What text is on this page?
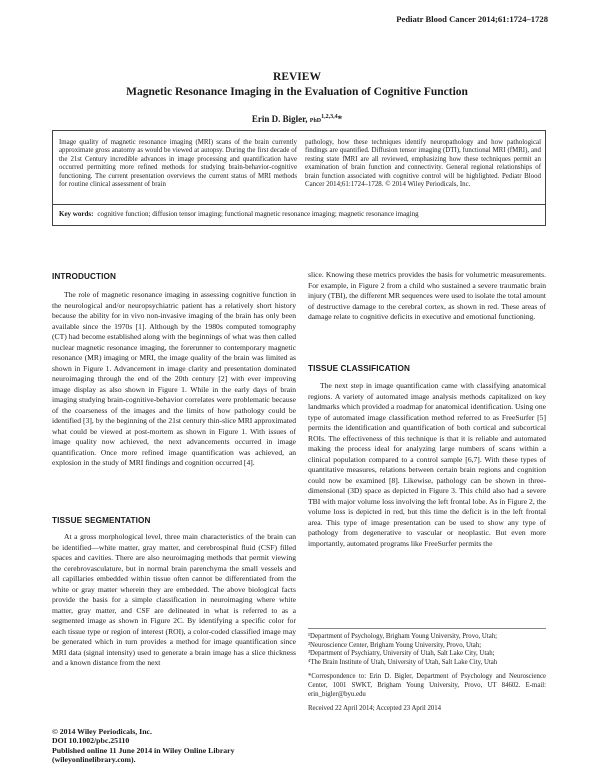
Pediatr Blood Cancer 2014;61:1724–1728
REVIEW
Magnetic Resonance Imaging in the Evaluation of Cognitive Function
Erin D. Bigler, PhD$^{1,2,3,4}$*
Image quality of magnetic resonance imaging (MRI) scans of the brain currently approximate gross anatomy as would be viewed at autopsy. During the first decade of the 21st Century incredible advances in image processing and quantification have occurred permitting more refined methods for studying brain-behavior-cognitive functioning. The current presentation overviews the current status of MRI methods for routine clinical assessment of brain
pathology, how these techniques identify neuropathology and how pathological findings are quantified. Diffusion tensor imaging (DTI), functional MRI (fMRI), and resting state fMRI are all reviewed, emphasizing how these techniques permit an examination of brain function and connectivity. General regional relationships of brain function associated with cognitive control will be highlighted. Pediatr Blood Cancer 2014;61:1724–1728. © 2014 Wiley Periodicals, Inc.
Key words: cognitive function; diffusion tensor imaging; functional magnetic resonance imaging; magnetic resonance imaging
INTRODUCTION

The role of magnetic resonance imaging in assessing cognitive function in the neurological and/or neuropsychiatric patient has a relatively short history because the ability for in vivo non-invasive imaging of the brain has only been available since the 1970s [1]. Although by the 1980s computed tomography (CT) had become established along with the beginnings of what was then called nuclear magnetic resonance imaging, the forerunner to contemporary magnetic resonance (MR) imaging or MRI, the image quality of the brain was limited as shown in Figure 1. Advancement in image clarity and presentation dominated neuroimaging through the end of the 20th century [2] with ever improving image display as also shown in Figure 1. While in the early days of brain imaging studying brain-cognitive-behavior correlates were problematic because of the coarseness of the images and the limits of how pathology could be identified [3], by the beginning of the 21st century thin-slice MRI approximated what could be viewed at post-mortem as shown in Figure 1. With issues of image quality now achieved, the next advancements occurred in image quantification. Once more refined image quantification was achieved, an explosion in the study of MRI findings and cognition occurred [4].

TISSUE SEGMENTATION

At a gross morphological level, three main characteristics of the brain can be identified—white matter, gray matter, and cerebrospinal fluid (CSF) filled spaces and cavities. There are also neuroimaging methods that permit viewing the cerebrovasculature, but in normal brain parenchyma the small vessels and all capillaries embedded within tissue often cannot be differentiated from the white or gray matter wherein they are embedded. The above biological facts provide the basis for a simple classification in neuroimaging where white matter, gray matter, and CSF are delineated in what is referred to as a segmented image as shown in Figure 2C. By identifying a specific color for each tissue type or region of interest (ROI), a color-coded classified image may be generated which in turn provides a method for image quantification since MRI data (signal intensity) used to generate a brain image has a slice thickness and a known distance from the next

slice. Knowing these metrics provides the basis for volumetric measurements. For example, in Figure 2 from a child who sustained a severe traumatic brain injury (TBI), the different MR sequences were used to isolate the total amount of destructive damage to the cerebral cortex, as shown in red. These areas of damage relate to cognitive deficits in executive and emotional functioning.

TISSUE CLASSIFICATION

The next step in image quantification came with classifying anatomical regions. A variety of automated image analysis methods capitalized on key landmarks which provided a roadmap for anatomical identification. Using one type of automated image classification method referred to as FreeSurfer [5] permits the identification and quantification of both cortical and subcortical ROIs. The effectiveness of this technique is that it is reliable and automated making the process ideal for analyzing large numbers of scans within a clinical population compared to a control sample [6,7]. With these types of quantitative measures, relations between certain brain regions and cognition could now be examined [8]. Likewise, pathology can be shown in three-dimensional (3D) space as depicted in Figure 3. This child also had a severe TBI with major volume loss involving the left frontal lobe. As in Figure 2, the volume loss is depicted in red, but this time the deficit is in the left frontal area. This type of image presentation can be used to show any type of pathology from degenerative to vascular or neoplastic. But even more importantly, automated programs like FreeSurfer permits the

¹Department of Psychology, Brigham Young University, Provo, Utah;
²Neuroscience Center, Brigham Young University, Provo, Utah;
³Department of Psychiatry, University of Utah, Salt Lake City, Utah;
⁴The Brain Institute of Utah, University of Utah, Salt Lake City, Utah
*Correspondence to: Erin D. Bigler, Department of Psychology and Neuroscience Center, 1001 SWKT, Brigham Young University, Provo, UT 84602. E-mail: erin_bigler@byu.edu
Received 22 April 2014; Accepted 23 April 2014
© 2014 Wiley Periodicals, Inc.
DOI 10.1002/pbc.25110
Published online 11 June 2014 in Wiley Online Library
(wileyonlinelibrary.com).
